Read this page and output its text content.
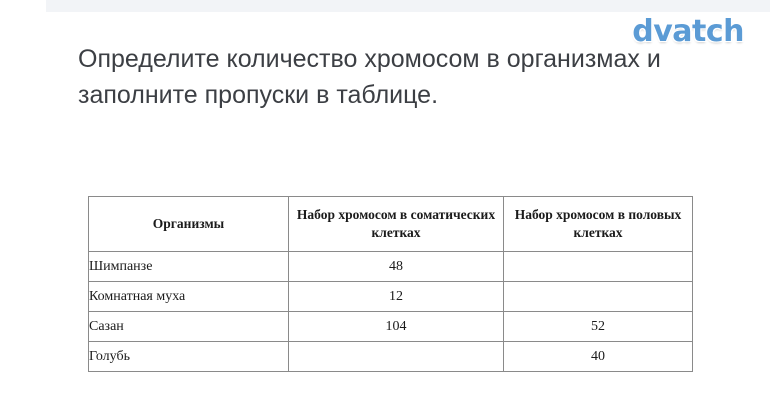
dvatch
Определите количество хромосом в организмах и заполните пропуски в таблице.
Организмы	Набор хромосом в соматических клетках	Набор хромосом в половых клетках
Шимпанзе	48	
Комнатная муха	12	
Сазан	104	52
Голубь		40
